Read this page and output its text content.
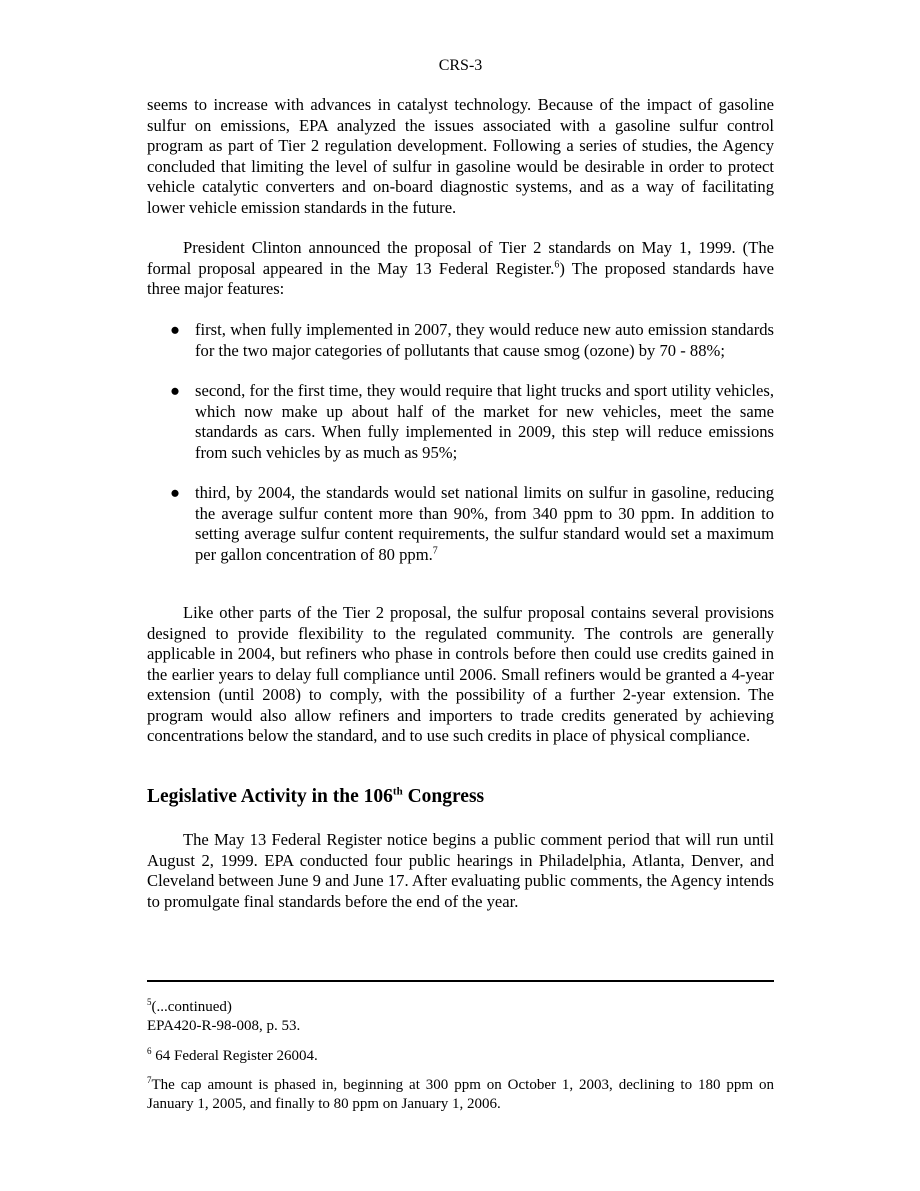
CRS-3

seems to increase with advances in catalyst technology. Because of the impact of gasoline sulfur on emissions, EPA analyzed the issues associated with a gasoline sulfur control program as part of Tier 2 regulation development. Following a series of studies, the Agency concluded that limiting the level of sulfur in gasoline would be desirable in order to protect vehicle catalytic converters and on-board diagnostic systems, and as a way of facilitating lower vehicle emission standards in the future.

President Clinton announced the proposal of Tier 2 standards on May 1, 1999. (The formal proposal appeared in the May 13 Federal Register.$^6$) The proposed standards have three major features:

● first, when fully implemented in 2007, they would reduce new auto emission standards for the two major categories of pollutants that cause smog (ozone) by 70 - 88%;
● second, for the first time, they would require that light trucks and sport utility vehicles, which now make up about half of the market for new vehicles, meet the same standards as cars. When fully implemented in 2009, this step will reduce emissions from such vehicles by as much as 95%;
● third, by 2004, the standards would set national limits on sulfur in gasoline, reducing the average sulfur content more than 90%, from 340 ppm to 30 ppm. In addition to setting average sulfur content requirements, the sulfur standard would set a maximum per gallon concentration of 80 ppm.$^7$

Like other parts of the Tier 2 proposal, the sulfur proposal contains several provisions designed to provide flexibility to the regulated community. The controls are generally applicable in 2004, but refiners who phase in controls before then could use credits gained in the earlier years to delay full compliance until 2006. Small refiners would be granted a 4-year extension (until 2008) to comply, with the possibility of a further 2-year extension. The program would also allow refiners and importers to trade credits generated by achieving concentrations below the standard, and to use such credits in place of physical compliance.

Legislative Activity in the 106th Congress

The May 13 Federal Register notice begins a public comment period that will run until August 2, 1999. EPA conducted four public hearings in Philadelphia, Atlanta, Denver, and Cleveland between June 9 and June 17. After evaluating public comments, the Agency intends to promulgate final standards before the end of the year.

$^5$(...continued)
EPA420-R-98-008, p. 53.
$^6$ 64 Federal Register 26004.
$^7$The cap amount is phased in, beginning at 300 ppm on October 1, 2003, declining to 180 ppm on January 1, 2005, and finally to 80 ppm on January 1, 2006.
